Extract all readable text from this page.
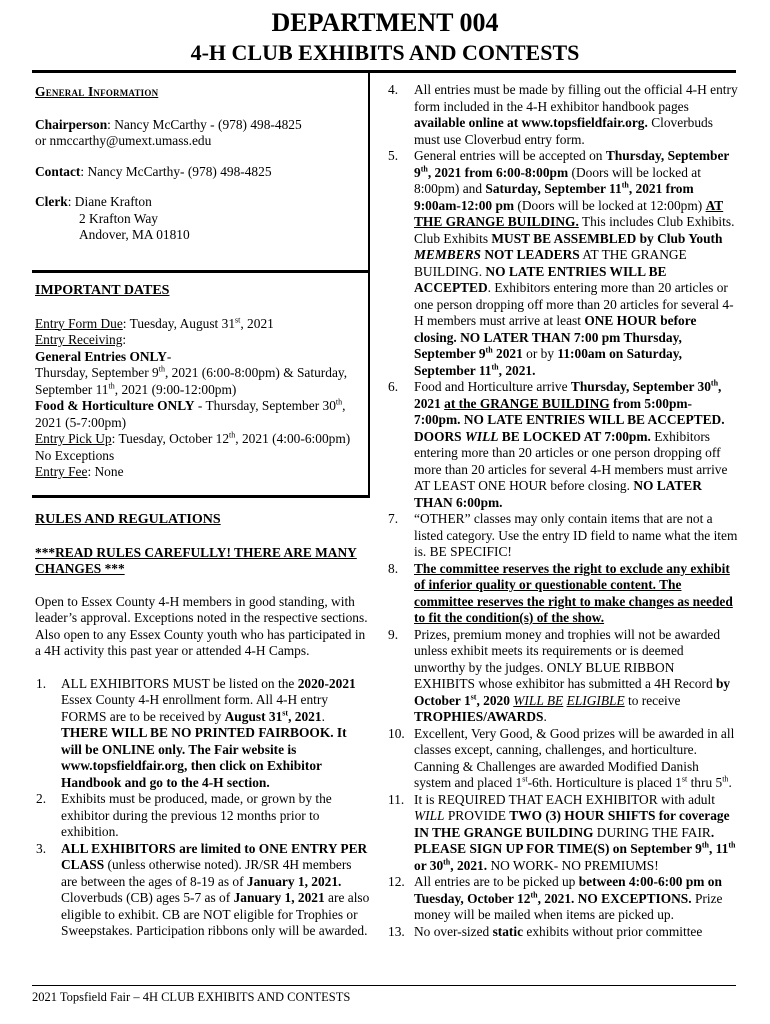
DEPARTMENT 004
4-H CLUB EXHIBITS AND CONTESTS
General Information

Chairperson: Nancy McCarthy - (978) 498-4825

or nmccarthy@umext.umass.edu

Contact: Nancy McCarthy- (978) 498-4825

Clerk: Diane Krafton

2 Krafton Way

Andover, MA 01810

IMPORTANT DATES

Entry Form Due: Tuesday, August 31st, 2021

Entry Receiving:

General Entries ONLY-

Thursday, September 9th, 2021 (6:00-8:00pm) & Saturday,

September 11th, 2021 (9:00-12:00pm)

Food & Horticulture ONLY - Thursday, September 30th,

2021 (5-7:00pm)

Entry Pick Up: Tuesday, October 12th, 2021 (4:00-6:00pm)

No Exceptions

Entry Fee: None

RULES AND REGULATIONS

***READ RULES CAREFULLY! THERE ARE MANY CHANGES ***

Open to Essex County 4-H members in good standing, with leader’s approval. Exceptions noted in the respective sections. Also open to any Essex County youth who has participated in a 4H activity this past year or attended 4-H Camps.

1. ALL EXHIBITORS MUST be listed on the 2020-2021 Essex County 4-H enrollment form. All 4-H entry FORMS are to be received by August 31st, 2021.
THERE WILL BE NO PRINTED FAIRBOOK. It will be ONLINE only. The Fair website is www.topsfieldfair.org, then click on Exhibitor Handbook and go to the 4-H section.
2. Exhibits must be produced, made, or grown by the exhibitor during the previous 12 months prior to exhibition.
3. ALL EXHIBITORS are limited to ONE ENTRY PER CLASS (unless otherwise noted). JR/SR 4H members are between the ages of 8-19 as of January 1, 2021. Cloverbuds (CB) ages 5-7 as of January 1, 2021 are also eligible to exhibit. CB are NOT eligible for Trophies or Sweepstakes. Participation ribbons only will be awarded.
4. All entries must be made by filling out the official 4-H entry form included in the 4-H exhibitor handbook pages available online at www.topsfieldfair.org. Cloverbuds must use Cloverbud entry form.
5. General entries will be accepted on Thursday, September 9th, 2021 from 6:00-8:00pm (Doors will be locked at 8:00pm) and Saturday, September 11th, 2021 from 9:00am-12:00 pm (Doors will be locked at 12:00pm) AT THE GRANGE BUILDING. This includes Club Exhibits. Club Exhibits MUST BE ASSEMBLED by Club Youth MEMBERS NOT LEADERS AT THE GRANGE BUILDING. NO LATE ENTRIES WILL BE ACCEPTED. Exhibitors entering more than 20 articles or one person dropping off more than 20 articles for several 4-H members must arrive at least ONE HOUR before closing. NO LATER THAN 7:00 pm Thursday, September 9th 2021 or by 11:00am on Saturday, September 11th, 2021.
6. Food and Horticulture arrive Thursday, September 30th, 2021 at the GRANGE BUILDING from 5:00pm-7:00pm. NO LATE ENTRIES WILL BE ACCEPTED. DOORS WILL BE LOCKED AT 7:00pm. Exhibitors entering more than 20 articles or one person dropping off more than 20 articles for several 4-H members must arrive AT LEAST ONE HOUR before closing. NO LATER THAN 6:00pm.
7. “OTHER” classes may only contain items that are not a listed category. Use the entry ID field to name what the item is. BE SPECIFIC!
8. The committee reserves the right to exclude any exhibit of inferior quality or questionable content. The committee reserves the right to make changes as needed to fit the condition(s) of the show.
9. Prizes, premium money and trophies will not be awarded unless exhibit meets its requirements or is deemed unworthy by the judges. ONLY BLUE RIBBON EXHIBITS whose exhibitor has submitted a 4H Record by October 1st, 2020 WILL BE ELIGIBLE to receive TROPHIES/AWARDS.
10. Excellent, Very Good, & Good prizes will be awarded in all classes except, canning, challenges, and horticulture. Canning & Challenges are awarded Modified Danish system and placed 1st-6th. Horticulture is placed 1st thru 5th.
11. It is REQUIRED THAT EACH EXHIBITOR with adult WILL PROVIDE TWO (3) HOUR SHIFTS for coverage IN THE GRANGE BUILDING DURING THE FAIR. PLEASE SIGN UP FOR TIME(S) on September 9th, 11th or 30th, 2021. NO WORK- NO PREMIUMS!
12. All entries are to be picked up between 4:00-6:00 pm on Tuesday, October 12th, 2021. NO EXCEPTIONS. Prize money will be mailed when items are picked up.
13. No over-sized static exhibits without prior committee
2021 Topsfield Fair – 4H CLUB EXHIBITS AND CONTESTS
